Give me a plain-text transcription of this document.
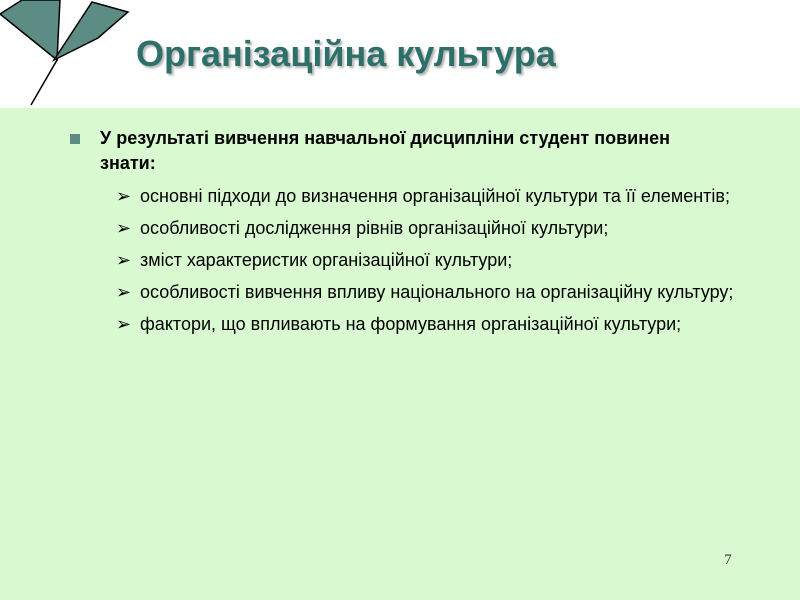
Організаційна культура
У результаті вивчення навчальної дисципліни студент повинен знати:
➢ основні підходи до визначення організаційної культури та її елементів;
➢ особливості дослідження рівнів організаційної культури;
➢ зміст характеристик організаційної культури;
➢ особливості вивчення впливу національного на організаційну культуру;
➢ фактори, що впливають на формування організаційної культури;
7
